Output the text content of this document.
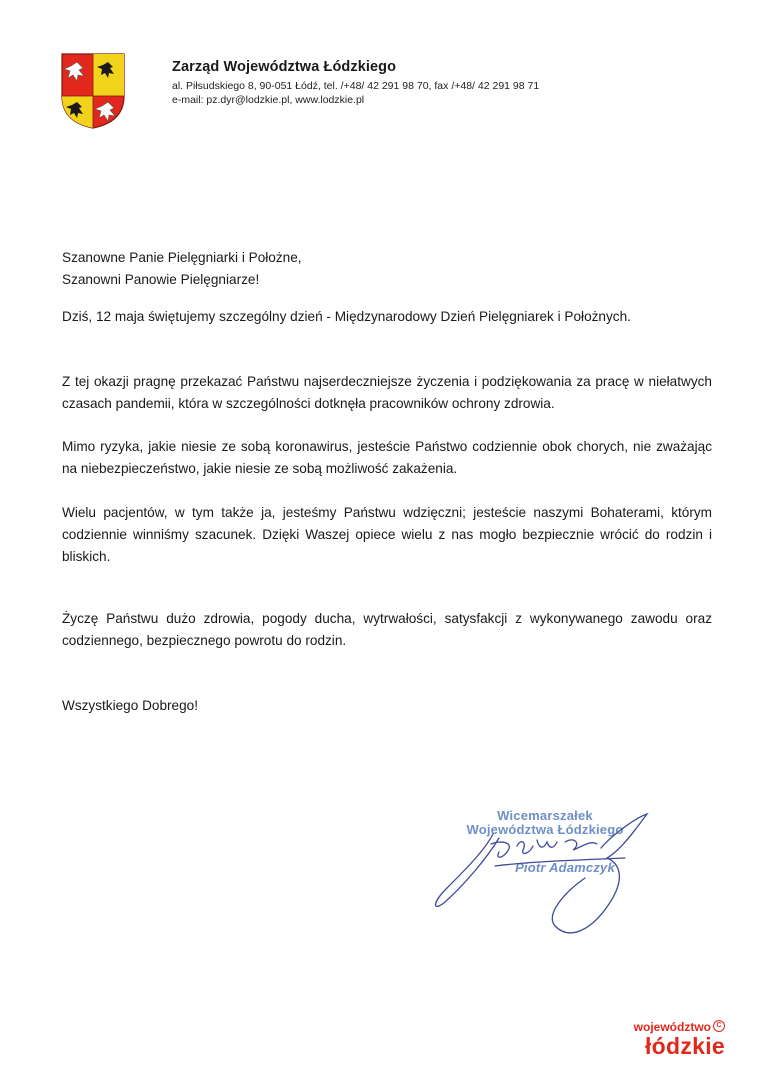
Zarząd Województwa Łódzkiego
al. Piłsudskiego 8, 90-051 Łódź, tel. /+48/ 42 291 98 70, fax /+48/ 42 291 98 71
e-mail: pz.dyr@lodzkie.pl, www.lodzkie.pl

Szanowne Panie Pielęgniarki i Położne,

Szanowni Panowie Pielęgniarze!

Dziś, 12 maja świętujemy szczególny dzień - Międzynarodowy Dzień Pielęgniarek i Położnych.

Z tej okazji pragnę przekazać Państwu najserdeczniejsze życzenia i podziękowania za pracę w niełatwych czasach pandemii, która w szczególności dotknęła pracowników ochrony zdrowia.

Mimo ryzyka, jakie niesie ze sobą koronawirus, jesteście Państwo codziennie obok chorych, nie zważając na niebezpieczeństwo, jakie niesie ze sobą możliwość zakażenia.

Wielu pacjentów, w tym także ja, jesteśmy Państwu wdzięczni; jesteście naszymi Bohaterami, którym codziennie winniśmy szacunek. Dzięki Waszej opiece wielu z nas mogło bezpiecznie wrócić do rodzin i bliskich.

Życzę Państwu dużo zdrowia, pogody ducha, wytrwałości, satysfakcji z wykonywanego zawodu oraz codziennego, bezpiecznego powrotu do rodzin.

Wszystkiego Dobrego!

Wicemarszałek
Województwa Łódzkiego
Piotr Adamczyk
województwo C
łódzkie
